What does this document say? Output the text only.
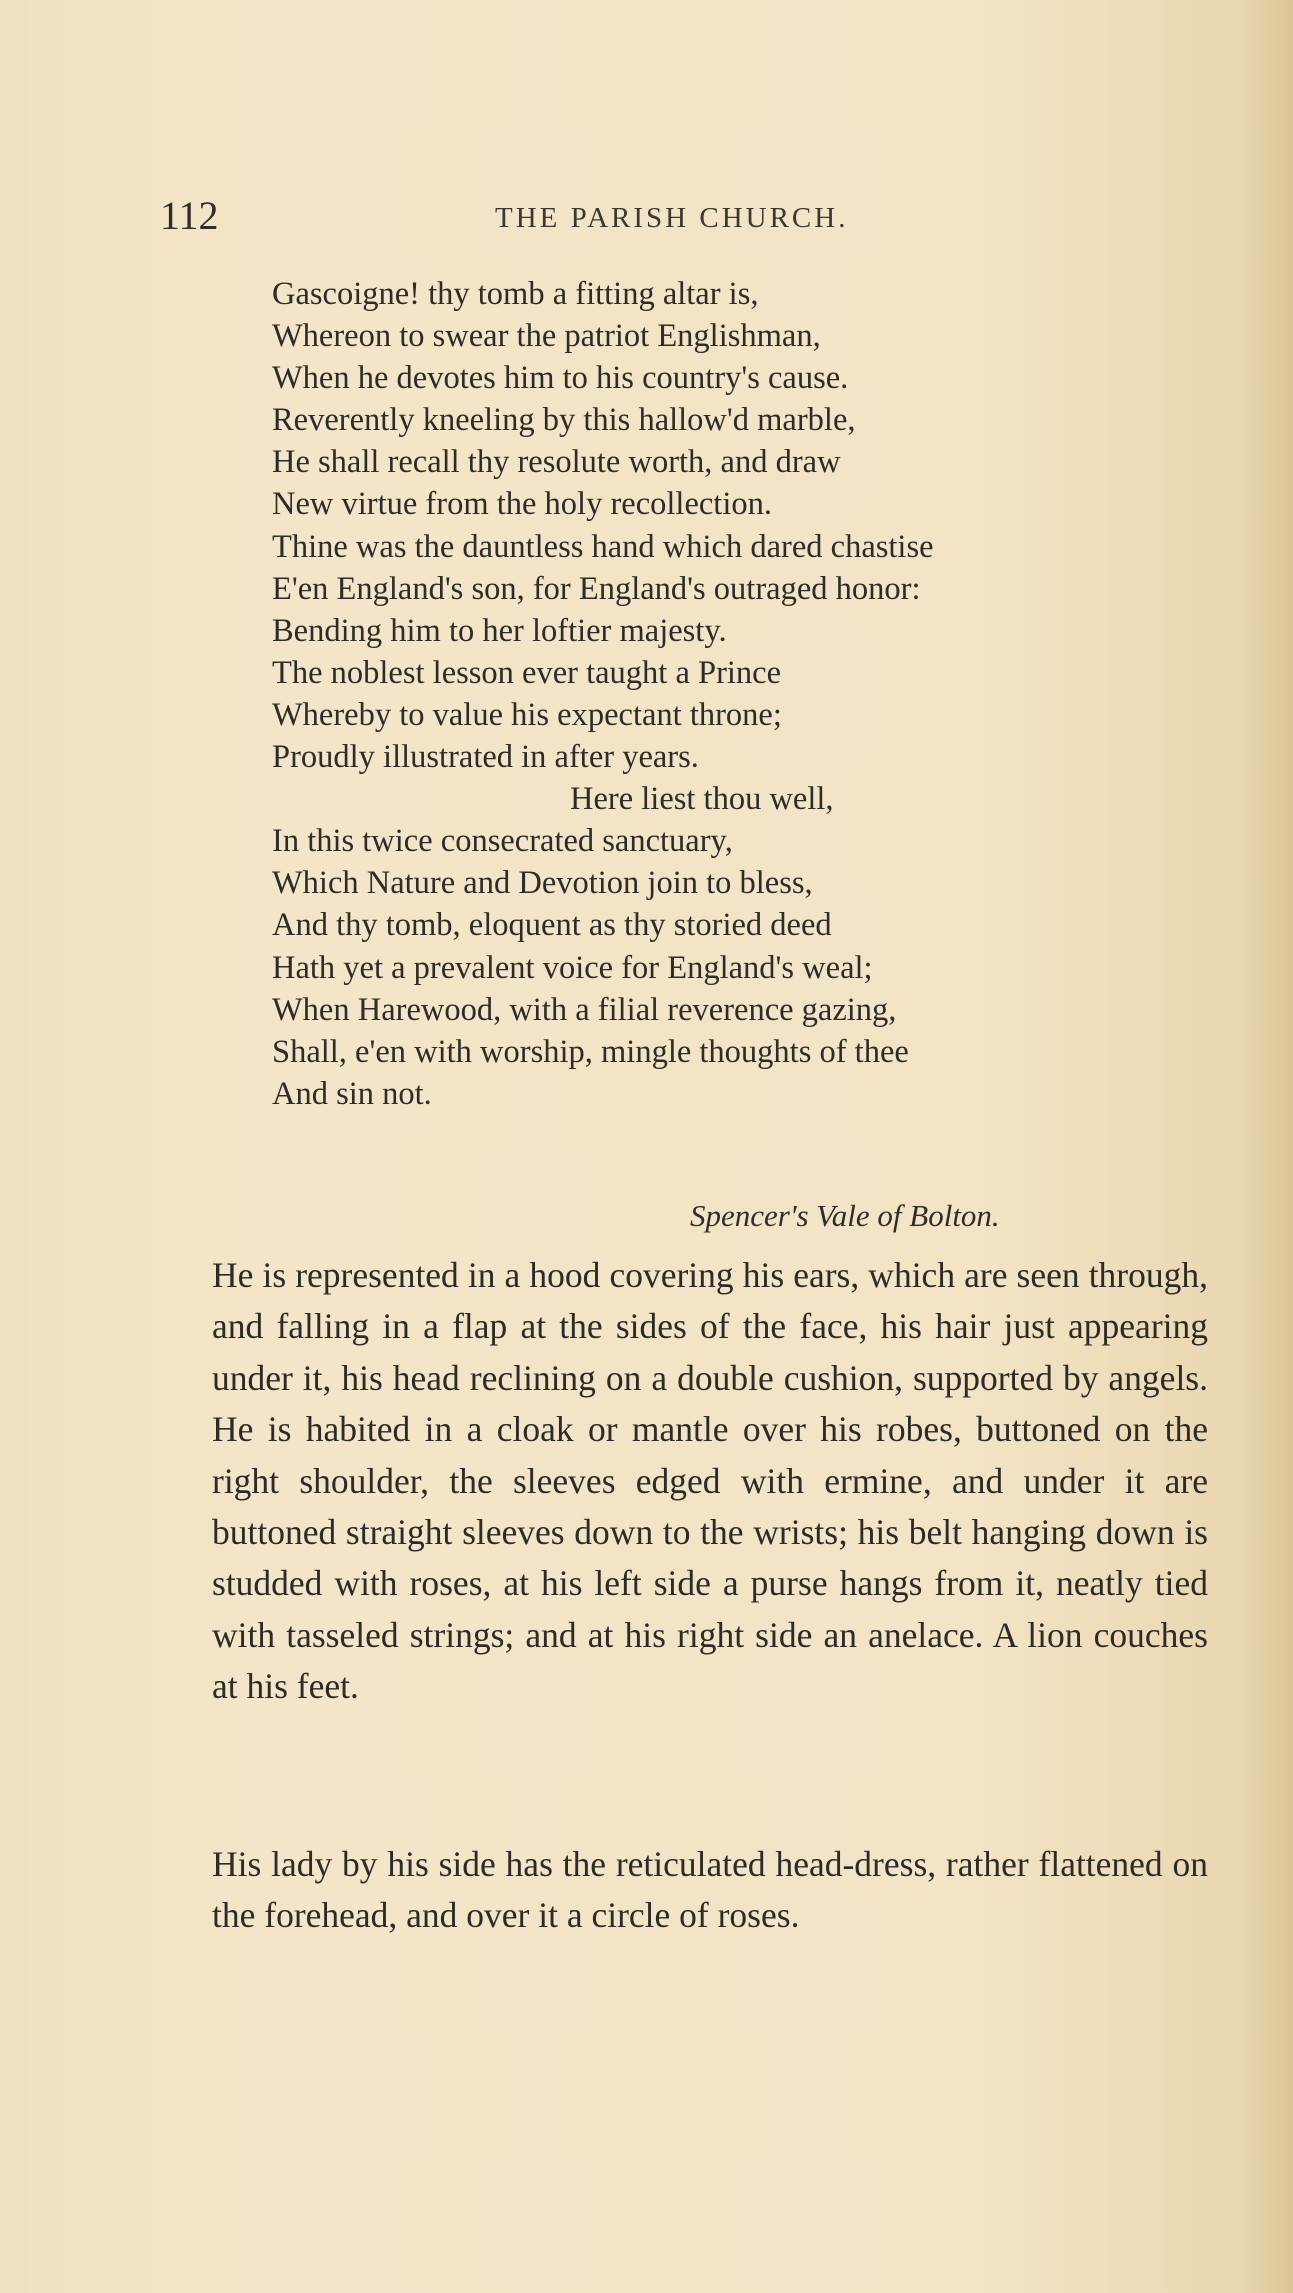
112	THE PARISH CHURCH.
Gascoigne! thy tomb a fitting altar is,
Whereon to swear the patriot Englishman,
When he devotes him to his country's cause.
Reverently kneeling by this hallow'd marble,
He shall recall thy resolute worth, and draw
New virtue from the holy recollection.
Thine was the dauntless hand which dared chastise
E'en England's son, for England's outraged honor:
Bending him to her loftier majesty.
The noblest lesson ever taught a Prince
Whereby to value his expectant throne;
Proudly illustrated in after years.
Here liest thou well,
In this twice consecrated sanctuary,
Which Nature and Devotion join to bless,
And thy tomb, eloquent as thy storied deed
Hath yet a prevalent voice for England's weal;
When Harewood, with a filial reverence gazing,
Shall, e'en with worship, mingle thoughts of thee
And sin not.
Spencer's Vale of Bolton.

He is represented in a hood covering his ears, which are seen through, and falling in a flap at the sides of the face, his hair just appearing under it, his head reclining on a double cushion, supported by angels. He is habited in a cloak or mantle over his robes, buttoned on the right shoulder, the sleeves edged with ermine, and under it are buttoned straight sleeves down to the wrists; his belt hanging down is studded with roses, at his left side a purse hangs from it, neatly tied with tasseled strings; and at his right side an anelace. A lion couches at his feet.

His lady by his side has the reticulated head-dress, rather flattened on the forehead, and over it a circle of roses.
